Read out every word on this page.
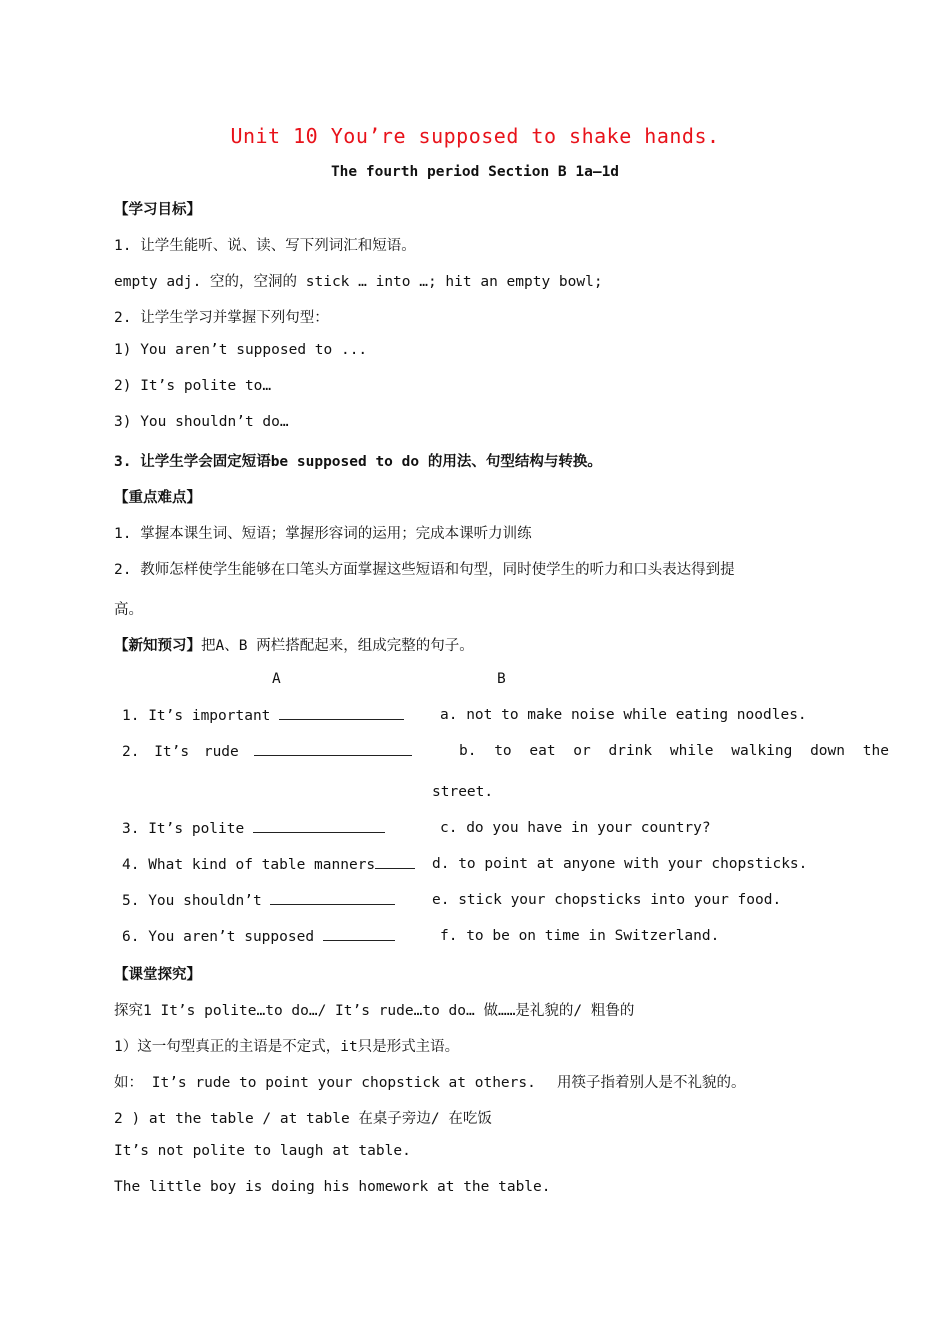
Unit 10 You’re supposed to shake hands.
The fourth period Section B 1a—1d
【学习目标】
1. 让学生能听、说、读、写下列词汇和短语。
empty adj. 空的，空洞的 stick … into …; hit an empty bowl;
2. 让学生学习并掌握下列句型：
1) You aren’t supposed to ...
2) It’s polite to…
3) You shouldn’t do…
3. 让学生学会固定短语be supposed to do 的用法、句型结构与转换。
【重点难点】
1. 掌握本课生词、短语；掌握形容词的运用；完成本课听力训练
2. 教师怎样使学生能够在口笔头方面掌握这些短语和句型，同时使学生的听力和口头表达得到提
高。
【新知预习】把A、B 两栏搭配起来，组成完整的句子。
A	B
1. It’s important	a. not to make noise while eating noodles.
2. It’s rude	b. to eat or drink while walking down the
street.
3. It’s polite	c. do you have in your country?
4. What kind of table manners	d. to point at anyone with your chopsticks.
5. You shouldn’t	e. stick your chopsticks into your food.
6. You aren’t supposed	f. to be on time in Switzerland.
【课堂探究】
探究1 It’s polite…to do…/ It’s rude…to do… 做……是礼貌的/ 粗鲁的
1）这一句型真正的主语是不定式，it只是形式主语。
如： It’s rude to point your chopstick at others. 用筷子指着别人是不礼貌的。
2 ) at the table / at table 在桌子旁边/ 在吃饭
It’s not polite to laugh at table.
The little boy is doing his homework at the table.
